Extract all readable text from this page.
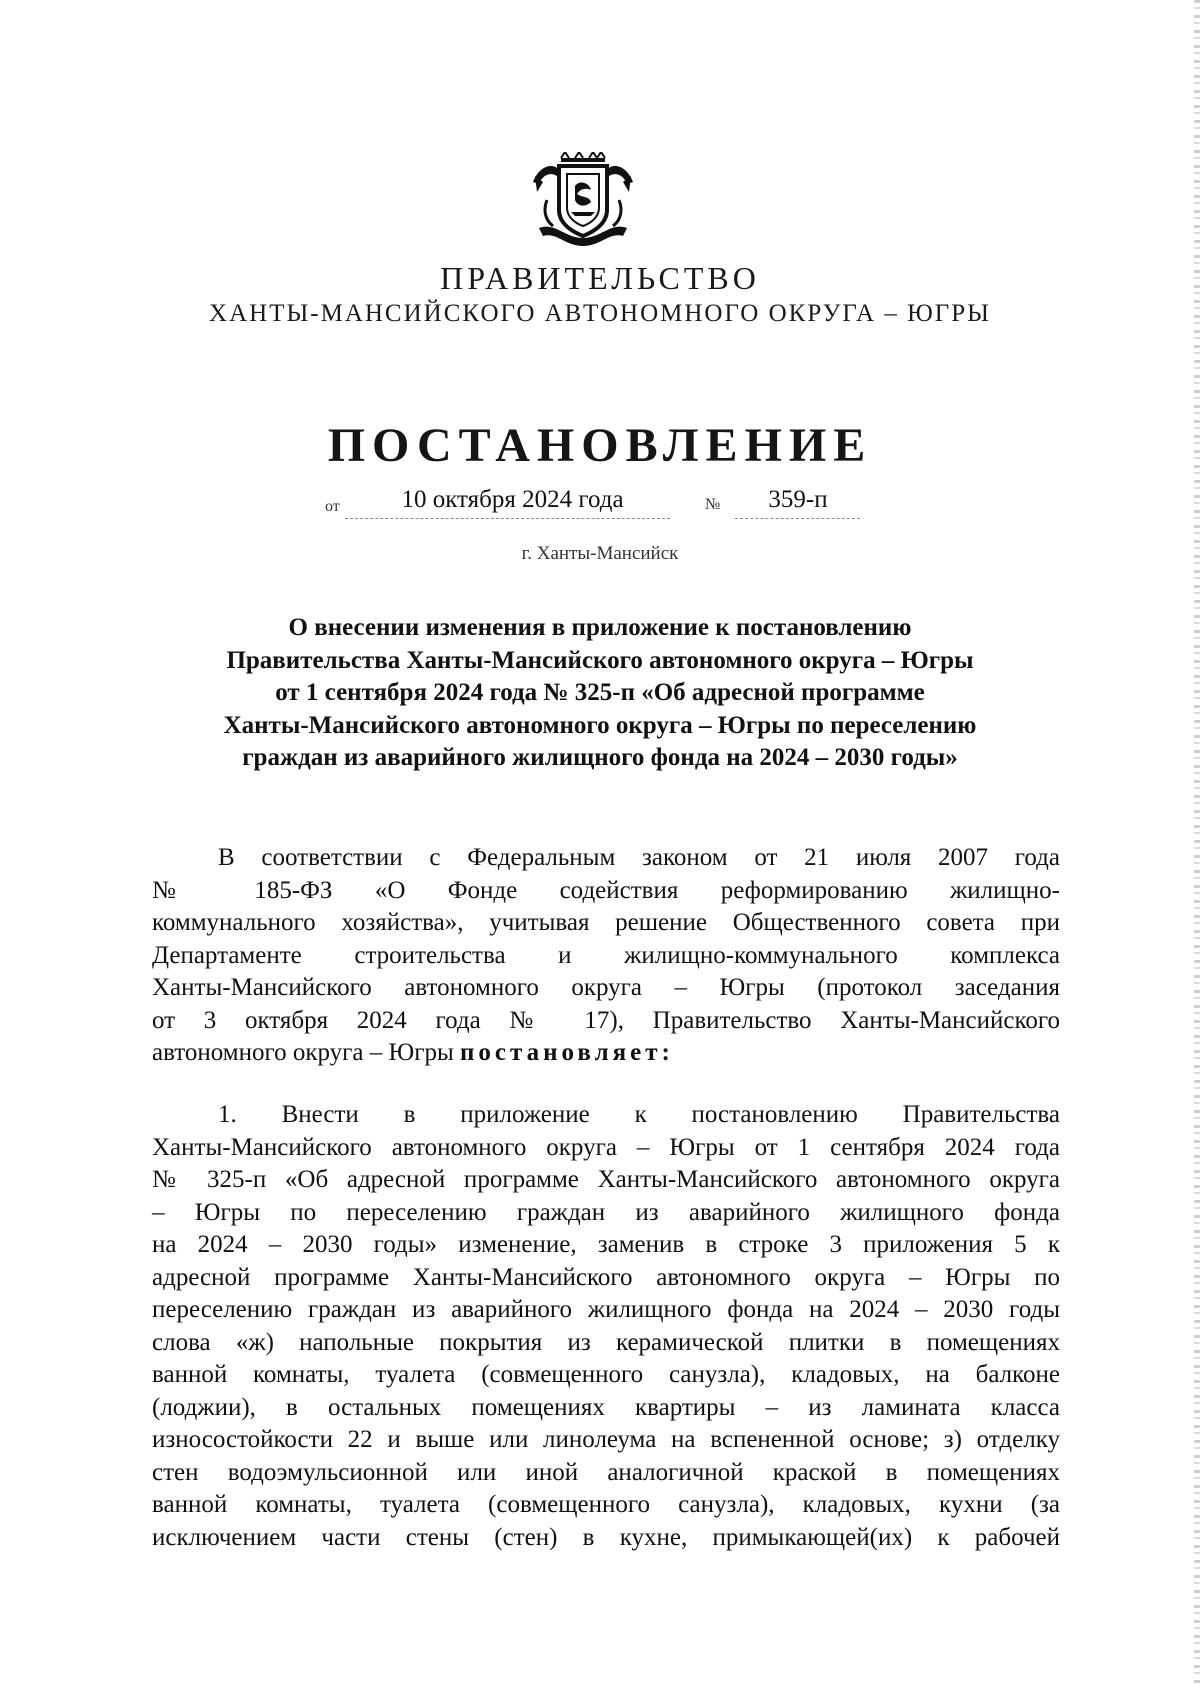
ПРАВИТЕЛЬСТВО
ХАНТЫ-МАНСИЙСКОГО АВТОНОМНОГО ОКРУГА – ЮГРЫ
ПОСТАНОВЛЕНИЕ
от	10 октября 2024 года	№	359-п
г. Ханты-Мансийск
О внесении изменения в приложение к постановлению
Правительства Ханты-Мансийского автономного округа – Югры
от 1 сентября 2024 года № 325-п «Об адресной программе
Ханты-Мансийского автономного округа – Югры по переселению
граждан из аварийного жилищного фонда на 2024 – 2030 годы»
В соответствии с Федеральным законом от 21 июля 2007 года
№ 185-ФЗ «О Фонде содействия реформированию жилищно-
коммунального хозяйства», учитывая решение Общественного совета при
Департаменте строительства и жилищно-коммунального комплекса
Ханты-Мансийского автономного округа – Югры (протокол заседания
от 3 октября 2024 года № 17), Правительство Ханты-Мансийского
автономного округа – Югры постановляет:
1. Внести в приложение к постановлению Правительства
Ханты-Мансийского автономного округа – Югры от 1 сентября 2024 года
№ 325-п «Об адресной программе Ханты-Мансийского автономного округа
– Югры по переселению граждан из аварийного жилищного фонда
на 2024 – 2030 годы» изменение, заменив в строке 3 приложения 5 к
адресной программе Ханты-Мансийского автономного округа – Югры по
переселению граждан из аварийного жилищного фонда на 2024 – 2030 годы
слова «ж) напольные покрытия из керамической плитки в помещениях
ванной комнаты, туалета (совмещенного санузла), кладовых, на балконе
(лоджии), в остальных помещениях квартиры – из ламината класса
износостойкости 22 и выше или линолеума на вспененной основе; з) отделку
стен водоэмульсионной или иной аналогичной краской в помещениях
ванной комнаты, туалета (совмещенного санузла), кладовых, кухни (за
исключением части стены (стен) в кухне, примыкающей(их) к рабочей
